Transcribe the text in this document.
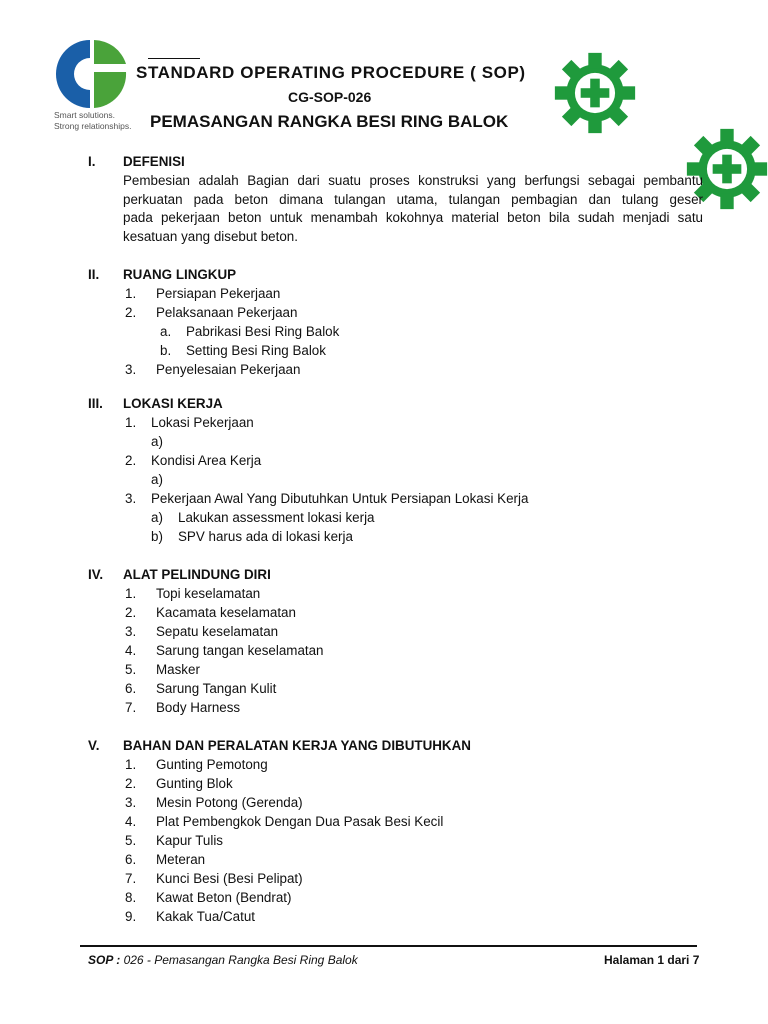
Smart solutions.
Strong relationships.
STANDARD OPERATING PROCEDURE ( SOP)
CG-SOP-026
PEMASANGAN RANGKA BESI RING BALOK
I. DEFENISI
Pembesian adalah Bagian dari suatu proses konstruksi yang berfungsi sebagai pembantu
perkuatan pada beton dimana tulangan utama, tulangan pembagian dan tulang geser
pada pekerjaan beton untuk menambah kokohnya material beton bila sudah menjadi satu
kesatuan yang disebut beton.
II. RUANG LINGKUP
1. Persiapan Pekerjaan
2. Pelaksanaan Pekerjaan
a. Pabrikasi Besi Ring Balok
b. Setting Besi Ring Balok
3. Penyelesaian Pekerjaan
III. LOKASI KERJA
1. Lokasi Pekerjaan
a)
2. Kondisi Area Kerja
a)
3. Pekerjaan Awal Yang Dibutuhkan Untuk Persiapan Lokasi Kerja
a) Lakukan assessment lokasi kerja
b) SPV harus ada di lokasi kerja
IV. ALAT PELINDUNG DIRI
1. Topi keselamatan
2. Kacamata keselamatan
3. Sepatu keselamatan
4. Sarung tangan keselamatan
5. Masker
6. Sarung Tangan Kulit
7. Body Harness
V. BAHAN DAN PERALATAN KERJA YANG DIBUTUHKAN
1. Gunting Pemotong
2. Gunting Blok
3. Mesin Potong (Gerenda)
4. Plat Pembengkok Dengan Dua Pasak Besi Kecil
5. Kapur Tulis
6. Meteran
7. Kunci Besi (Besi Pelipat)
8. Kawat Beton (Bendrat)
9. Kakak Tua/Catut
SOP : 026 - Pemasangan Rangka Besi Ring Balok	Halaman 1 dari 7
